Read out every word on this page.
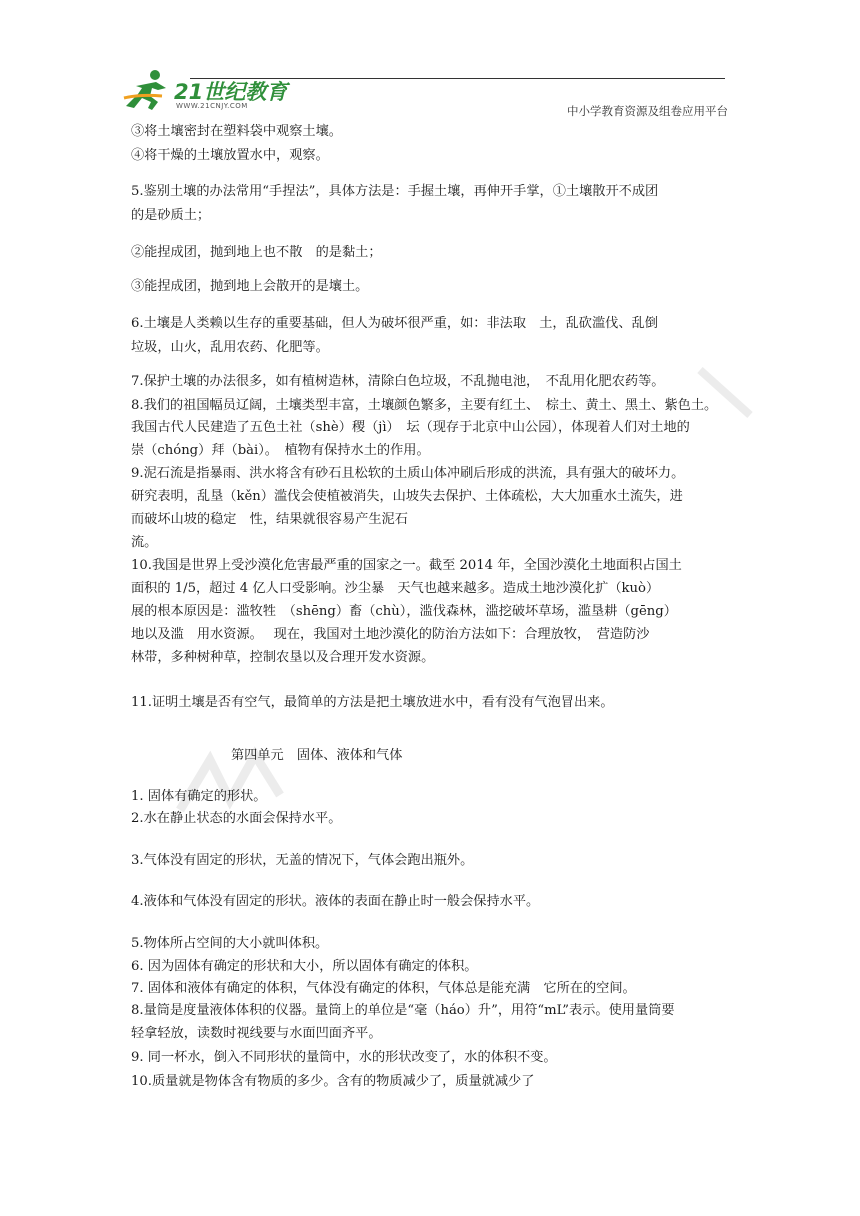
21世纪教育
WWW.21CNJY.COM	中小学教育资源及组卷应用平台
③将土壤密封在塑料袋中观察土壤。
④将干燥的土壤放置水中，观察。
5.鉴别土壤的办法常用“手捏法”，具体方法是：手握土壤，再伸开手掌，①土壤散开不成团
的是砂质土；
②能捏成团，抛到地上也不散　的是黏土；
③能捏成团，抛到地上会散开的是壤土。
6.土壤是人类赖以生存的重要基础，但人为破坏很严重，如：非法取　土，乱砍滥伐、乱倒
垃圾，山火，乱用农药、化肥等。
7.保护土壤的办法很多，如有植树造林，清除白色垃圾，不乱抛电池，　不乱用化肥农药等。
8.我们的祖国幅员辽阔，土壤类型丰富，土壤颜色繁多，主要有红土、　棕土、黄土、黑土、紫色土。
我国古代人民建造了五色土社（shè）稷（jì）　坛（现存于北京中山公园），体现着人们对土地的
崇（chóng）拜（bài）。　植物有保持水土的作用。
9.泥石流是指暴雨、洪水将含有砂石且松软的土质山体冲刷后形成的洪流，具有强大的破坏力。
研究表明，乱垦（kěn）滥伐会使植被消失，山坡失去保护、土体疏松，大大加重水土流失，进
而破坏山坡的稳定　性，结果就很容易产生泥石
流。
10.我国是世界上受沙漠化危害最严重的国家之一。截至 2014 年，全国沙漠化土地面积占国土
面积的 1/5，超过 4 亿人口受影响。沙尘暴　天气也越来越多。造成土地沙漠化扩（kuò）
展的根本原因是：滥牧牲　（shēng）畜（chù），滥伐森林，滥挖破坏草场，滥垦耕（gēng）
地以及滥　用水资源。　 现在，我国对土地沙漠化的防治方法如下：合理放牧，　营造防沙
林带，多种树种草，控制农垦以及合理开发水资源。
11.证明土壤是否有空气，最简单的方法是把土壤放进水中，看有没有气泡冒出来。
第四单元　固体、液体和气体
1. 固体有确定的形状。
2.水在静止状态的水面会保持水平。
3.气体没有固定的形状，无盖的情况下，气体会跑出瓶外。
4.液体和气体没有固定的形状。液体的表面在静止时一般会保持水平。
5.物体所占空间的大小就叫体积。
6. 因为固体有确定的形状和大小，所以固体有确定的体积。
7. 固体和液体有确定的体积，气体没有确定的体积，气体总是能充满　它所在的空间。
8.量筒是度量液体体积的仪器。量筒上的单位是“毫（háo）升”，用符“mL”表示。使用量筒要
轻拿轻放，读数时视线要与水面凹面齐平。
9. 同一杯水，倒入不同形状的量筒中，水的形状改变了，水的体积不变。
10.质量就是物体含有物质的多少。含有的物质减少了，质量就减少了
